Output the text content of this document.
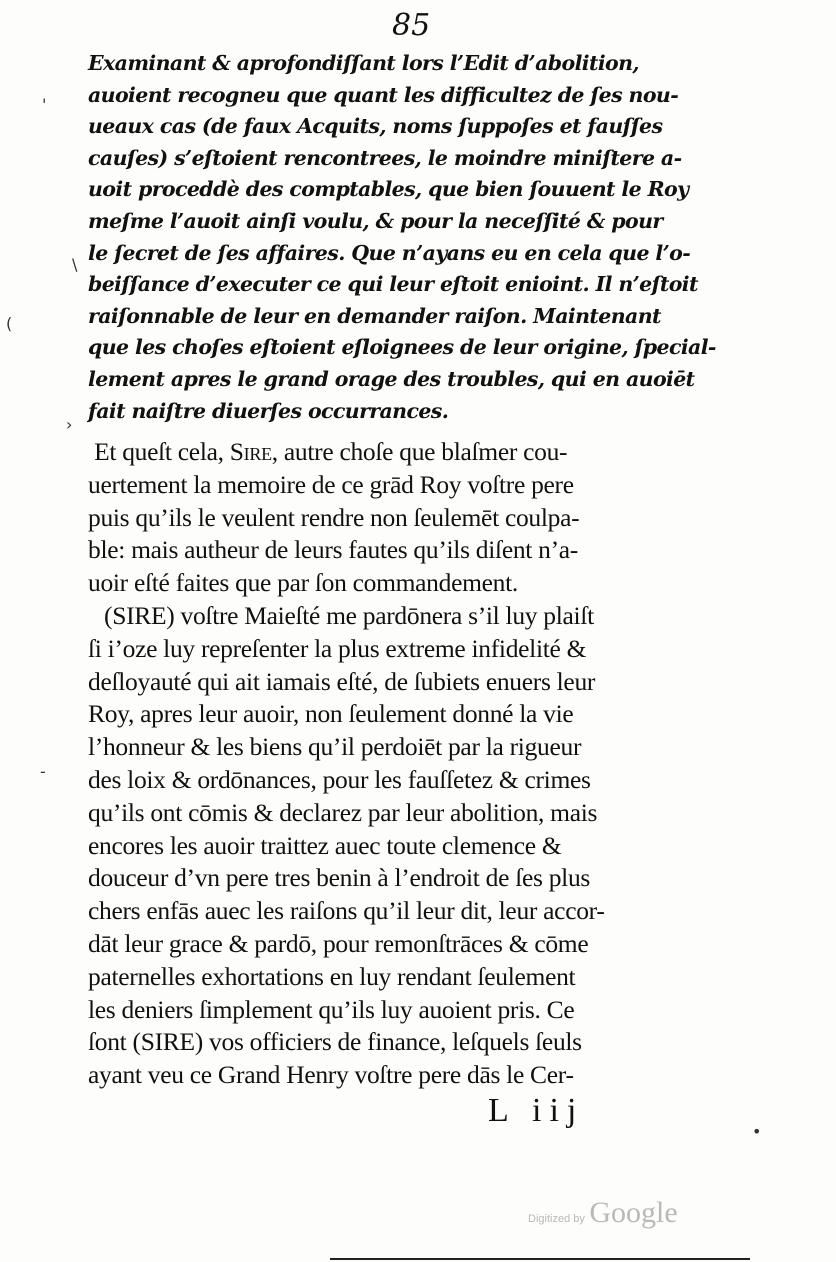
85
Examinant & aprofondiſſant lors l’Edit d’abolition,
auoient recogneu que quant les difficultez de ſes nou-
ueaux cas (de faux Acquits, noms ſuppoſes et fauſſes
cauſes) s’eſtoient rencontrees, le moindre miniſtere a-
uoit proceddè des comptables, que bien ſouuent le Roy
meſme l’auoit ainſi voulu, & pour la neceſſité & pour
le ſecret de ſes affaires. Que n’ayans eu en cela que l’o-
beiſſance d’executer ce qui leur eſtoit enioint. Il n’eſtoit
raiſonnable de leur en demander raiſon. Maintenant
que les choſes eſtoient eſloignees de leur origine, ſpecial-
lement apres le grand orage des troubles, qui en auoiēt
fait naiſtre diuerſes occurrances.
Et queſt cela, Sire, autre choſe que blaſmer cou-
uertement la memoire de ce grād Roy voſtre pere
puis qu’ils le veulent rendre non ſeulemēt coulpa-
ble: mais autheur de leurs fautes qu’ils diſent n’a-
uoir eſté faites que par ſon commandement.
(SIRE) voſtre Maieſté me pardōnera s’il luy plaiſt
ſi i’oze luy repreſenter la plus extreme infidelité &
deſloyauté qui ait iamais eſté, de ſubiets enuers leur
Roy, apres leur auoir, non ſeulement donné la vie
l’honneur & les biens qu’il perdoiēt par la rigueur
des loix & ordōnances, pour les fauſſetez & crimes
qu’ils ont cōmis & declarez par leur abolition, mais
encores les auoir traittez auec toute clemence &
douceur d’vn pere tres benin à l’endroit de ſes plus
chers enfās auec les raiſons qu’il leur dit, leur accor-
dāt leur grace & pardō, pour remonſtrāces & cōme
paternelles exhortations en luy rendant ſeulement
les deniers ſimplement qu’ils luy auoient pris. Ce
ſont (SIRE) vos officiers de finance, leſquels ſeuls
ayant veu ce Grand Henry voſtre pere dās le Cer-
L iij
Digitized by Google
'
\
(
›
-
•
